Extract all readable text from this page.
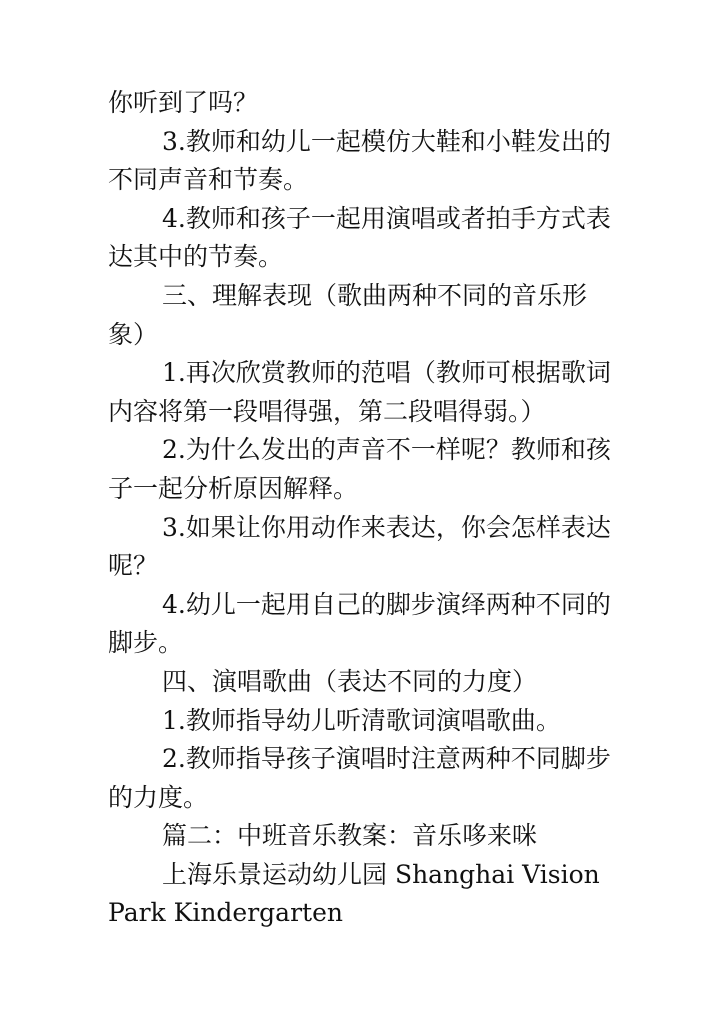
你听到了吗？

3.教师和幼儿一起模仿大鞋和小鞋发出的不同声音和节奏。

4.教师和孩子一起用演唱或者拍手方式表达其中的节奏。

三、理解表现（歌曲两种不同的音乐形象）

1.再次欣赏教师的范唱（教师可根据歌词内容将第一段唱得强，第二段唱得弱。）

2.为什么发出的声音不一样呢？教师和孩子一起分析原因解释。

3.如果让你用动作来表达，你会怎样表达呢？

4.幼儿一起用自己的脚步演绎两种不同的脚步。

四、演唱歌曲（表达不同的力度）

1.教师指导幼儿听清歌词演唱歌曲。

2.教师指导孩子演唱时注意两种不同脚步的力度。

篇二：中班音乐教案：音乐哆来咪

上海乐景运动幼儿园 Shanghai Vision Park Kindergarten
